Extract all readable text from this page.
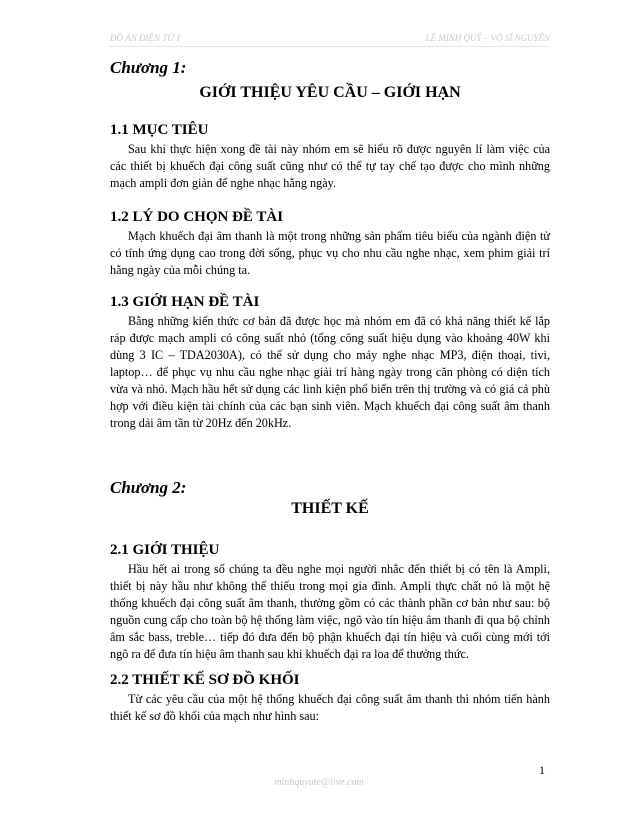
ĐỒ ÁN ĐIỆN TỬ 1	LÊ MINH QUÝ – VÕ SĨ NGUYÊN
Chương 1:
GIỚI THIỆU YÊU CẦU – GIỚI HẠN
1.1 MỤC TIÊU
Sau khi thực hiện xong đề tài này nhóm em sẽ hiểu rõ được nguyên lí làm việc của các thiết bị khuếch đại công suất cũng như có thể tự tay chế tạo được cho mình những mạch ampli đơn giản để nghe nhạc hằng ngày.
1.2 LÝ DO CHỌN ĐỀ TÀI
Mạch khuếch đại âm thanh là một trong những sản phẩm tiêu biểu của ngành điện tử có tính ứng dụng cao trong đời sống, phục vụ cho nhu cầu nghe nhạc, xem phim giải trí hằng ngày của mỗi chúng ta.
1.3 GIỚI HẠN ĐỀ TÀI
Bằng những kiến thức cơ bản đã được học mà nhóm em đã có khả năng thiết kế lắp ráp được mạch ampli có công suất nhỏ (tổng công suất hiệu dụng vào khoảng 40W khi dùng 3 IC – TDA2030A), có thể sử dụng cho máy nghe nhạc MP3, điện thoại, tivi, laptop… để phục vụ nhu cầu nghe nhạc giải trí hàng ngày trong căn phòng có diện tích vừa và nhỏ. Mạch hầu hết sử dụng các linh kiện phổ biến trên thị trường và có giá cả phù hợp với điều kiện tài chính của các bạn sinh viên. Mạch khuếch đại công suất âm thanh trong dải âm tần từ 20Hz đến 20kHz.
Chương 2:
THIẾT KẾ
2.1 GIỚI THIỆU
Hầu hết ai trong số chúng ta đều nghe mọi người nhắc đến thiết bị có tên là Ampli, thiết bị này hầu như không thể thiếu trong mọi gia đình. Ampli thực chất nó là một hệ thống khuếch đại công suất âm thanh, thường gồm có các thành phần cơ bản như sau: bộ nguồn cung cấp cho toàn bộ hệ thống làm việc, ngõ vào tín hiệu âm thanh đi qua bộ chỉnh âm sắc bass, treble… tiếp đó đưa đến bộ phận khuếch đại tín hiệu và cuối cùng mới tới ngõ ra để đưa tín hiệu âm thanh sau khi khuếch đại ra loa để thưởng thức.
2.2 THIẾT KẾ SƠ ĐỒ KHỐI
Từ các yêu cầu của một hệ thống khuếch đại công suất âm thanh thì nhóm tiến hành thiết kế sơ đồ khối của mạch như hình sau:
1
minhquyute@live.com
